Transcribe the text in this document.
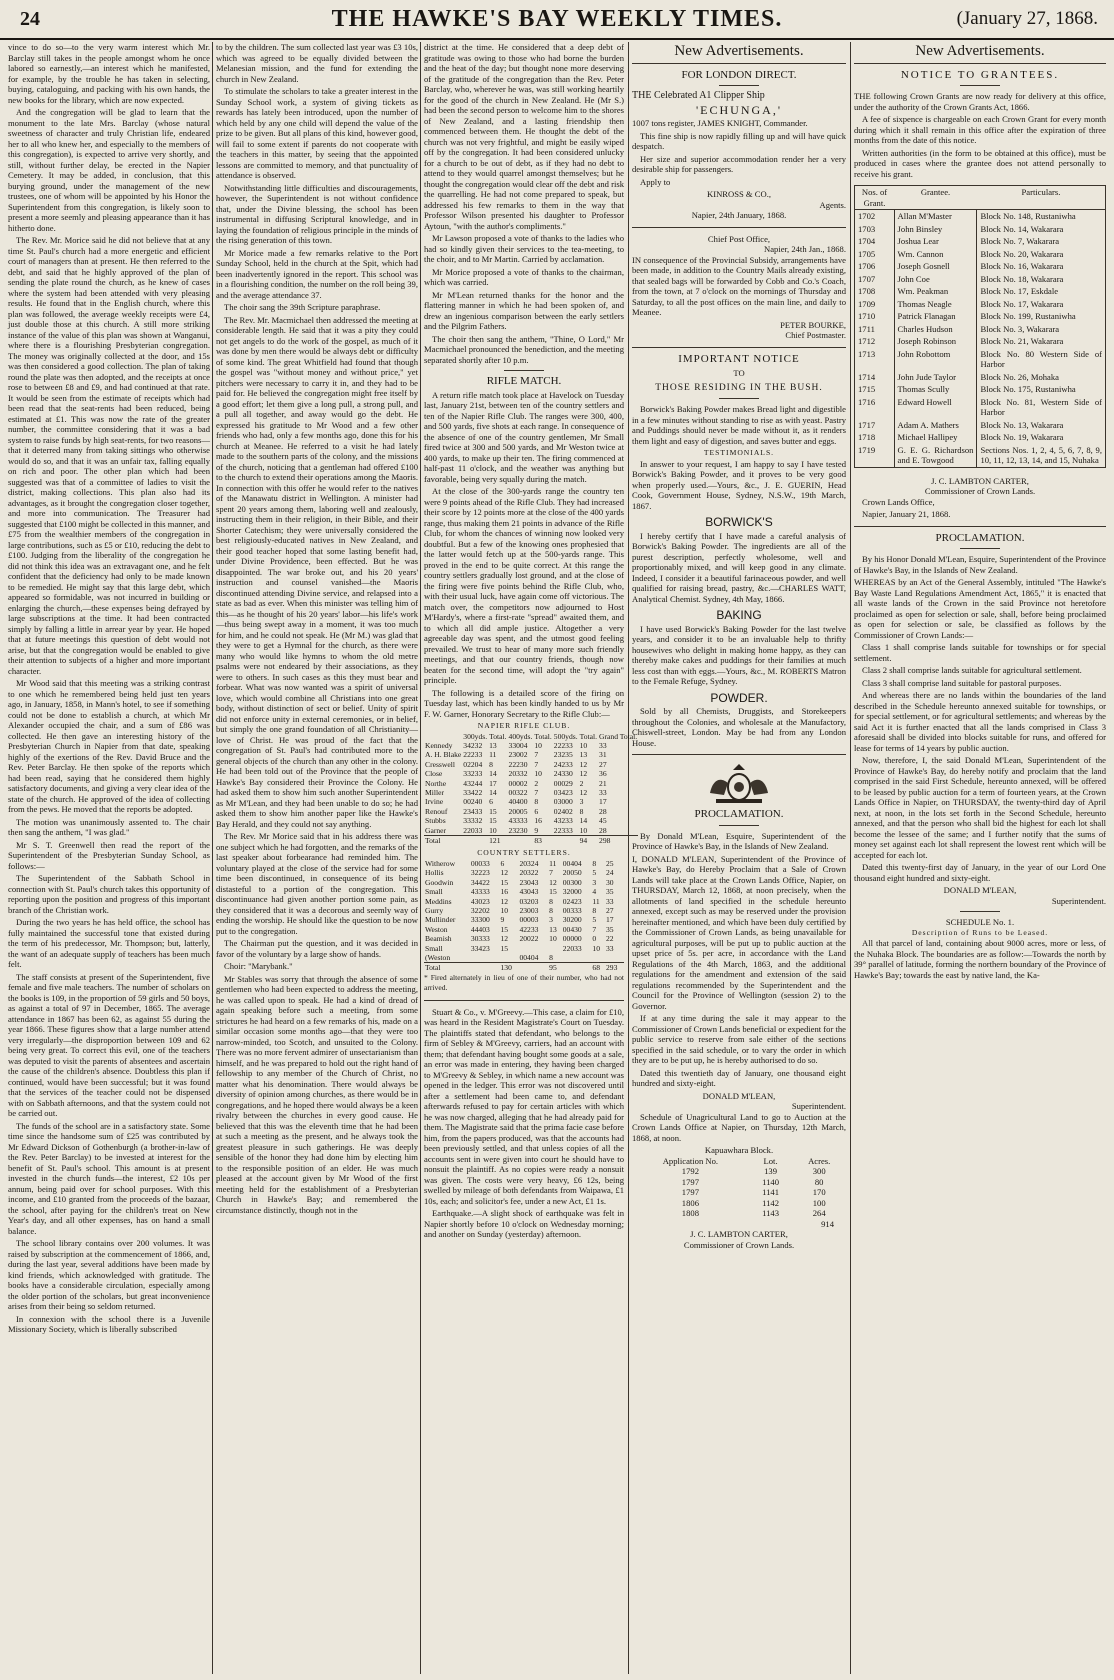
24	THE HAWKE'S BAY WEEKLY TIMES.	(January 27, 1868.

vince to do so—to the very warm interest which Mr. Barclay still takes in the people amongst whom he once labored so earnestly,—an interest which he manifested, for example, by the trouble he has taken in selecting, buying, cataloguing, and packing with his own hands, the new books for the library, which are now expected.

And the congregation will be glad to learn that the monument to the late Mrs. Barclay (whose natural sweetness of character and truly Christian life, endeared her to all who knew her, and especially to the members of this congregation), is expected to arrive very shortly, and still, without further delay, be erected in the Napier Cemetery. It may be added, in conclusion, that this burying ground, under the management of the new trustees, one of whom will be appointed by his Honor the Superintendent from this congregation, is likely soon to present a more seemly and pleasing appearance than it has hitherto done.

The Rev. Mr. Morice said he did not believe that at any time St. Paul's church had a more energetic and efficient court of managers than at present. He then referred to the debt, and said that he highly approved of the plan of sending the plate round the church, as he knew of cases where the system had been attended with very pleasing results. He found that in the English church, where this plan was followed, the average weekly receipts were £4, just double those at this church. A still more striking instance of the value of this plan was shown at Wanganui, where there is a flourishing Presbyterian congregation. The money was originally collected at the door, and 15s was then considered a good collection. The plan of taking round the plate was then adopted, and the receipts at once rose to between £8 and £9, and had continued at that rate. It would be seen from the estimate of receipts which had been read that the seat-rents had been reduced, being estimated at £1. This was now the rate of the greater number, the committee considering that it was a bad system to raise funds by high seat-rents, for two reasons—that it deterred many from taking sittings who otherwise would do so, and that it was an unfair tax, falling equally on rich and poor. The other plan which had been suggested was that of a committee of ladies to visit the district, making collections. This plan also had its advantages, as it brought the congregation closer together, and more into communication. The Treasurer had suggested that £100 might be collected in this manner, and £75 from the wealthier members of the congregation in large contributions, such as £5 or £10, reducing the debt to £100. Judging from the liberality of the congregation he did not think this idea was an extravagant one, and he felt confident that the deficiency had only to be made known to be remedied. He might say that this large debt, which appeared so formidable, was not incurred in building or enlarging the church,—these expenses being defrayed by large subscriptions at the time. It had been contracted simply by falling a little in arrear year by year. He hoped that at future meetings this question of debt would not arise, but that the congregation would be enabled to give their attention to subjects of a higher and more important character.

Mr Wood said that this meeting was a striking contrast to one which he remembered being held just ten years ago, in January, 1858, in Mann's hotel, to see if something could not be done to establish a church, at which Mr Alexander occupied the chair, and a sum of £86 was collected. He then gave an interesting history of the Presbyterian Church in Napier from that date, speaking highly of the exertions of the Rev. David Bruce and the Rev. Peter Barclay. He then spoke of the reports which had been read, saying that he considered them highly satisfactory documents, and giving a very clear idea of the state of the church. He approved of the idea of collecting from the pews. He moved that the reports be adopted.

The motion was unanimously assented to. The chair then sang the anthem, "I was glad."

Mr S. T. Greenwell then read the report of the Superintendent of the Presbyterian Sunday School, as follows:—

The Superintendent of the Sabbath School in connection with St. Paul's church takes this opportunity of reporting upon the position and progress of this important branch of the Christian work.

During the two years he has held office, the school has fully maintained the successful tone that existed during the term of his predecessor, Mr. Thompson; but, latterly, the want of an adequate supply of teachers has been much felt.

The staff consists at present of the Superintendent, five female and five male teachers. The number of scholars on the books is 109, in the proportion of 59 girls and 50 boys, as against a total of 97 in December, 1865. The average attendance in 1867 has been 62, as against 55 during the year 1866. These figures show that a large number attend very irregularly—the disproportion between 109 and 62 being very great. To correct this evil, one of the teachers was deputed to visit the parents of absentees and ascertain the cause of the children's absence. Doubtless this plan if continued, would have been successful; but it was found that the services of the teacher could not be dispensed with on Sabbath afternoons, and that the system could not be carried out.

The funds of the school are in a satisfactory state. Some time since the handsome sum of £25 was contributed by Mr Edward Dickson of Gothenburgh (a brother-in-law of the Rev. Peter Barclay) to be invested at interest for the benefit of St. Paul's school. This amount is at present invested in the church funds—the interest, £2 10s per annum, being paid over for school purposes. With this income, and £10 granted from the proceeds of the bazaar, the school, after paying for the children's treat on New Year's day, and all other expenses, has on hand a small balance.

The school library contains over 200 volumes. It was raised by subscription at the commencement of 1866, and, during the last year, several additions have been made by kind friends, which acknowledged with gratitude. The books have a considerable circulation, especially among the older portion of the scholars, but great inconvenience arises from their being so seldom returned.

In connexion with the school there is a Juvenile Missionary Society, which is liberally subscribed

to by the children. The sum collected last year was £3 10s, which was agreed to be equally divided between the Melanesian mission, and the fund for extending the church in New Zealand.

To stimulate the scholars to take a greater interest in the Sunday School work, a system of giving tickets as rewards has lately been introduced, upon the number of which held by any one child will depend the value of the prize to be given. But all plans of this kind, however good, will fail to some extent if parents do not cooperate with the teachers in this matter, by seeing that the appointed lessons are committed to memory, and that punctuality of attendance is observed.

Notwithstanding little difficulties and discouragements, however, the Superintendent is not without confidence that, under the Divine blessing, the school has been instrumental in diffusing Scriptural knowledge, and in laying the foundation of religious principle in the minds of the rising generation of this town.

Mr Morice made a few remarks relative to the Port Sunday School, held in the church at the Spit, which had been inadvertently ignored in the report. This school was in a flourishing condition, the number on the roll being 39, and the average attendance 37.

The choir sang the 39th Scripture paraphrase.

The Rev. Mr. Macmichael then addressed the meeting at considerable length. He said that it was a pity they could not get angels to do the work of the gospel, as much of it was done by men there would be always debt or difficulty of some kind. The great Whitfield had found that though the gospel was "without money and without price," yet pitchers were necessary to carry it in, and they had to be paid for. He believed the congregation might free itself by a good effort; let them give a long pull, a strong pull, and a pull all together, and away would go the debt. He expressed his gratitude to Mr Wood and a few other friends who had, only a few months ago, done this for his church at Meanee. He referred to a visit he had lately made to the southern parts of the colony, and the missions of the church, noticing that a gentleman had offered £100 to the church to extend their operations among the Maoris. In connection with this offer he would refer to the natives of the Manawatu district in Wellington. A minister had spent 20 years among them, laboring well and zealously, instructing them in their religion, in their Bible, and their Shorter Catechism; they were universally considered the best religiously-educated natives in New Zealand, and their good teacher hoped that some lasting benefit had, under Divine Providence, been effected. But he was disappointed. The war broke out, and his 20 years' instruction and counsel vanished—the Maoris discontinued attending Divine service, and relapsed into a state as bad as ever. When this minister was telling him of this—as he thought of his 20 years' labor—his life's work—thus being swept away in a moment, it was too much for him, and he could not speak. He (Mr M.) was glad that they were to get a Hymnal for the church, as there were many who would like hymns to whom the old metre psalms were not endeared by their associations, as they were to others. In such cases as this they must bear and forbear. What was now wanted was a spirit of universal love, which would combine all Christians into one great body, without distinction of sect or belief. Unity of spirit did not enforce unity in external ceremonies, or in belief, but simply the one grand foundation of all Christianity—love of Christ. He was proud of the fact that the congregation of St. Paul's had contributed more to the general objects of the church than any other in the colony. He had been told out of the Province that the people of Hawke's Bay considered their Province the Colony. He had asked them to show him such another Superintendent as Mr M'Lean, and they had been unable to do so; he had asked them to show him another paper like the Hawke's Bay Herald, and they could not say anything.

The Rev. Mr Morice said that in his address there was one subject which he had forgotten, and the remarks of the last speaker about forbearance had reminded him. The voluntary played at the close of the service had for some time been discontinued, in consequence of its being distasteful to a portion of the congregation. This discontinuance had given another portion some pain, as they considered that it was a decorous and seemly way of ending the worship. He should like the question to be now put to the congregation.

The Chairman put the question, and it was decided in favor of the voluntary by a large show of hands.

Choir: "Marybank."

Mr Stables was sorry that through the absence of some gentlemen who had been expected to address the meeting, he was called upon to speak. He had a kind of dread of again speaking before such a meeting, from some strictures he had heard on a few remarks of his, made on a similar occasion some months ago—that they were too narrow-minded, too Scotch, and unsuited to the Colony. There was no more fervent admirer of unsectarianism than himself, and he was prepared to hold out the right hand of fellowship to any member of the Church of Christ, no matter what his denomination. There would always be diversity of opinion among churches, as there would be in congregations, and he hoped there would always be a keen rivalry between the churches in every good cause. He believed that this was the eleventh time that he had been at such a meeting as the present, and he always took the greatest pleasure in such gatherings. He was deeply sensible of the honor they had done him by electing him to the responsible position of an elder. He was much pleased at the account given by Mr Wood of the first meeting held for the establishment of a Presbyterian Church in Hawke's Bay; and remembered the circumstance distinctly, though not in the

district at the time. He considered that a deep debt of gratitude was owing to those who had borne the burden and the heat of the day; but thought none more deserving of the gratitude of the congregation than the Rev. Peter Barclay, who, wherever he was, was still working heartily for the good of the church in New Zealand. He (Mr S.) had been the second person to welcome him to the shores of New Zealand, and a lasting friendship then commenced between them. He thought the debt of the church was not very frightful, and might be easily wiped off by the congregation. It had been considered unlucky for a church to be out of debt, as if they had no debt to attend to they would quarrel amongst themselves; but he thought the congregation would clear off the debt and risk the quarrelling. He had not come prepared to speak, but addressed his few remarks to them in the way that Professor Wilson presented his daughter to Professor Aytoun, "with the author's compliments."

Mr Lawson proposed a vote of thanks to the ladies who had so kindly given their services to the tea-meeting, to the choir, and to Mr Martin. Carried by acclamation.

Mr Morice proposed a vote of thanks to the chairman, which was carried.

Mr M'Lean returned thanks for the honor and the flattering manner in which he had been spoken of, and drew an ingenious comparison between the early settlers and the Pilgrim Fathers.

The choir then sang the anthem, "Thine, O Lord," Mr Macmichael pronounced the benediction, and the meeting separated shortly after 10 p.m.

RIFLE MATCH.

A return rifle match took place at Havelock on Tuesday last, January 21st, between ten of the country settlers and ten of the Napier Rifle Club. The ranges were 300, 400, and 500 yards, five shots at each range. In consequence of the absence of one of the country gentlemen, Mr Small fired twice at 300 and 500 yards, and Mr Weston twice at 400 yards, to make up their ten. The firing commenced at half-past 11 o'clock, and the weather was anything but favorable, being very squally during the match.

At the close of the 300-yards range the country ten were 9 points ahead of the Rifle Club. They had increased their score by 12 points more at the close of the 400 yards range, thus making them 21 points in advance of the Rifle Club, for whom the chances of winning now looked very doubtful. But a few of the knowing ones prophesied that the latter would fetch up at the 500-yards range. This proved in the end to be quite correct. At this range the country settlers gradually lost ground, and at the close of the firing were five points behind the Rifle Club, who, with their usual luck, have again come off victorious. The match over, the competitors now adjourned to Host M'Hardy's, where a first-rate "spread" awaited them, and to which all did ample justice. Altogether a very agreeable day was spent, and the utmost good feeling prevailed. We trust to hear of many more such friendly meetings, and that our country friends, though now beaten for the second time, will adopt the "try again" principle.

The following is a detailed score of the firing on Tuesday last, which has been kindly handed to us by Mr F. W. Garner, Honorary Secretary to the Rifle Club:—

NAPIER RIFLE CLUB.
	300yds.	Total.	400yds.	Total.	500yds.	Total.	Grand Total.
Kennedy	34232	13	33004	10	22233	10	33
A. H. Blake	22233	11	23002	7	23235	13	31
Cresswell	02204	8	22230	7	24233	12	27
Close	33233	14	20332	10	24330	12	36
Northe	43244	17	00002	2	00029	2	21
Miller	33422	14	00322	7	03423	12	33
Irvine	00240	6	40400	8	03000	3	17
Renouf	23433	15	20005	6	02402	8	28
Stubbs	33332	15	43333	16	43233	14	45
Garner	22033	10	23230	9	22333	10	28
Total		121		83		94	298
COUNTRY SETTLERS.
Witherow	00033	6	20324	11	00404	8	25
Hollis	32223	12	20322	7	20050	5	24
Goodwin	34422	15	23043	12	00300	3	30
Small	43333	16	43043	15	32000	4	35
Meddins	43023	12	03203	8	02423	11	33
Gurry	32202	10	23003	8	00333	8	27
Mullinder	33300	9	00003	3	30200	5	17
Weston	44403	15	42233	13	00430	7	35
Beamish	30333	12	20022	10	00000	0	22
Small	33423	15			22033	10	33
(Weston			00404	8			
Total		130		95		68	293

* Fired alternately in lieu of one of their number, who had not arrived.

Stuart & Co., v. M'Greevy.—This case, a claim for £10, was heard in the Resident Magistrate's Court on Tuesday. The plaintiffs stated that defendant, who belongs to the firm of Sebley & M'Greevy, carriers, had an account with them; that defendant having bought some goods at a sale, an error was made in entering, they having been charged to M'Greevy & Sebley, in which name a new account was opened in the ledger. This error was not discovered until after a settlement had been came to, and defendant afterwards refused to pay for certain articles with which he was now charged, alleging that he had already paid for them. The Magistrate said that the prima facie case before him, from the papers produced, was that the accounts had been previously settled, and that unless copies of all the accounts sent in were given into court he should have to nonsuit the plaintiff. As no copies were ready a nonsuit was given. The costs were very heavy, £6 12s, being swelled by mileage of both defendants from Waipawa, £1 10s, each; and solicitor's fee, under a new Act, £1 1s.

Earthquake.—A slight shock of earthquake was felt in Napier shortly before 10 o'clock on Wednesday morning; and another on Sunday (yesterday) afternoon.

New Advertisements.
FOR LONDON DIRECT.

THE Celebrated A1 Clipper Ship

'ECHUNGA,'

1007 tons register, JAMES KNIGHT, Commander.

This fine ship is now rapidly filling up and will have quick despatch.

Her size and superior accommodation render her a very desirable ship for passengers.

Apply to

KINROSS & CO.,
Agents.
Napier, 24th January, 1868.
Chief Post Office,
Napier, 24th Jan., 1868.

IN consequence of the Provincial Subsidy, arrangements have been made, in addition to the Country Mails already existing, that sealed bags will be forwarded by Cobb and Co.'s Coach, from the town, at 7 o'clock on the mornings of Thursday and Saturday, to all the post offices on the main line, and daily to Meanee.

PETER BOURKE,
Chief Postmaster.
IMPORTANT NOTICE
TO
THOSE RESIDING IN THE BUSH.

Borwick's Baking Powder makes Bread light and digestible in a few minutes without standing to rise as with yeast. Pastry and Puddings should never be made without it, as it renders them light and easy of digestion, and saves butter and eggs.

TESTIMONIALS.

In answer to your request, I am happy to say I have tested Borwick's Baking Powder, and it proves to be very good when properly used.—Yours, &c., J. E. GUERIN, Head Cook, Government House, Sydney, N.S.W., 19th March, 1867.

BORWICK'S

I hereby certify that I have made a careful analysis of Borwick's Baking Powder. The ingredients are all of the purest description, perfectly wholesome, well and proportionably mixed, and will keep good in any climate. Indeed, I consider it a beautiful farinaceous powder, and well qualified for raising bread, pastry, &c.—CHARLES WATT, Analytical Chemist. Sydney, 4th May, 1866.

BAKING

I have used Borwick's Baking Powder for the last twelve years, and consider it to be an invaluable help to thrifty housewives who delight in making home happy, as they can thereby make cakes and puddings for their families at much less cost than with eggs.—Yours, &c., M. ROBERTS Matron to the Female Refuge, Sydney.

POWDER.

Sold by all Chemists, Druggists, and Storekeepers throughout the Colonies, and wholesale at the Manufactory, Chiswell-street, London. May be had from any London House.

PROCLAMATION.

By Donald M'Lean, Esquire, Superintendent of the Province of Hawke's Bay, in the Islands of New Zealand.

I, DONALD M'LEAN, Superintendent of the Province of Hawke's Bay, do Hereby Proclaim that a Sale of Crown Lands will take place at the Crown Lands Office, Napier, on THURSDAY, March 12, 1868, at noon precisely, when the allotments of land specified in the schedule hereunto annexed, except such as may be reserved under the provision hereinafter mentioned, and which have been duly certified by the Commissioner of Crown Lands, as being unavailable for agricultural purposes, will be put up to public auction at the upset price of 5s. per acre, in accordance with the Land Regulations of the 4th March, 1863, and the additional regulations for the amendment and extension of the said regulations recommended by the Superintendent and the Council for the Province of Wellington (session 2) to the Governor.

If at any time during the sale it may appear to the Commissioner of Crown Lands beneficial or expedient for the public service to reserve from sale either of the sections specified in the said schedule, or to vary the order in which they are to be put up, he is hereby authorised to do so.

Dated this twentieth day of January, one thousand eight hundred and sixty-eight.

DONALD M'LEAN,
Superintendent.

Schedule of Unagricultural Land to go to Auction at the Crown Lands Office at Napier, on Thursday, 12th March, 1868, at noon.

Kapuawhara Block.
Application No.	Lot.	Acres.
1792	139	300
1797	1140	80
1797	1141	170
1806	1142	100
1808	1143	264
914
J. C. LAMBTON CARTER,
Commissioner of Crown Lands.
New Advertisements.
NOTICE TO GRANTEES.

THE following Crown Grants are now ready for delivery at this office, under the authority of the Crown Grants Act, 1866.

A fee of sixpence is chargeable on each Crown Grant for every month during which it shall remain in this office after the expiration of three months from the date of this notice.

Written authorities (in the form to be obtained at this office), must be produced in cases where the grantee does not attend personally to receive his grant.

Nos. of Grant.	Grantee.	Particulars.
1702	Allan M'Master	Block No. 148, Rustaniwha
1703	John Binsley	Block No. 14, Wakarara
1704	Joshua Lear	Block No. 7, Wakarara
1705	Wm. Cannon	Block No. 20, Wakarara
1706	Joseph Gosnell	Block No. 16, Wakarara
1707	John Coe	Block No. 18, Wakarara
1708	Wm. Peakman	Block No. 17, Eskdale
1709	Thomas Neagle	Block No. 17, Wakarara
1710	Patrick Flanagan	Block No. 199, Rustaniwha
1711	Charles Hudson	Block No. 3, Wakarara
1712	Joseph Robinson	Block No. 21, Wakarara
1713	John Robottom	Block No. 80 Western Side of Harbor
1714	John Jude Taylor	Block No. 26, Mohaka
1715	Thomas Scully	Block No. 175, Rustaniwha
1716	Edward Howell	Block No. 81, Western Side of Harbor
1717	Adam A. Mathers	Block No. 13, Wakarara
1718	Michael Hallipey	Block No. 19, Wakarara
1719	G. E. G. Richardson and E. Towgood	Sections Nos. 1, 2, 4, 5, 6, 7, 8, 9, 10, 11, 12, 13, 14, and 15, Nuhaka
J. C. LAMBTON CARTER,
Commissioner of Crown Lands.

Crown Lands Office,

Napier, January 21, 1868.

PROCLAMATION.

By his Honor Donald M'Lean, Esquire, Superintendent of the Province of Hawke's Bay, in the Islands of New Zealand.

WHEREAS by an Act of the General Assembly, intituled "The Hawke's Bay Waste Land Regulations Amendment Act, 1865," it is enacted that all waste lands of the Crown in the said Province not heretofore proclaimed as open for selection or sale, shall, before being proclaimed as open for selection or sale, be classified as follows by the Commissioner of Crown Lands:—

Class 1 shall comprise lands suitable for townships or for special settlement.

Class 2 shall comprise lands suitable for agricultural settlement.

Class 3 shall comprise land suitable for pastoral purposes.

And whereas there are no lands within the boundaries of the land described in the Schedule hereunto annexed suitable for townships, or for special settlement, or for agricultural settlements; and whereas by the said Act it is further enacted that all the lands comprised in Class 3 aforesaid shall be divided into blocks suitable for runs, and offered for lease for terms of 14 years by public auction.

Now, therefore, I, the said Donald M'Lean, Superintendent of the Province of Hawke's Bay, do hereby notify and proclaim that the land comprised in the said First Schedule, hereunto annexed, will be offered to be leased by public auction for a term of fourteen years, at the Crown Lands Office in Napier, on THURSDAY, the twenty-third day of April next, at noon, in the lots set forth in the Second Schedule, hereunto annexed, and that the person who shall bid the highest for each lot shall become the lessee of the same; and I further notify that the sums of money set against each lot shall represent the lowest rent which will be accepted for each lot.

Dated this twenty-first day of January, in the year of our Lord One thousand eight hundred and sixty-eight.

DONALD M'LEAN,
Superintendent.
SCHEDULE No. 1.
Description of Runs to be Leased.

All that parcel of land, containing about 9000 acres, more or less, of the Nuhaka Block. The boundaries are as follow:—Towards the north by 39° parallel of latitude, forming the northern boundary of the Province of Hawke's Bay; towards the east by native land, the Ka-
